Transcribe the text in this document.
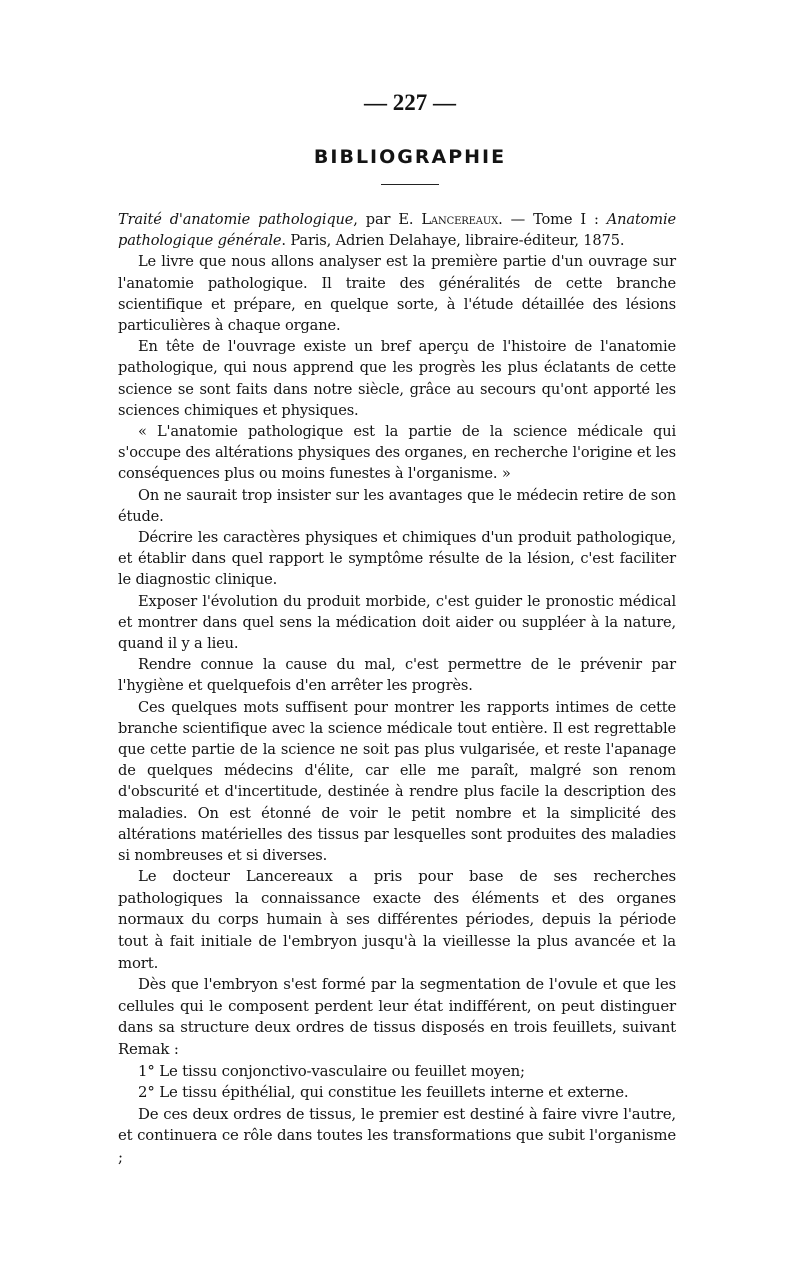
— 227 —
BIBLIOGRAPHIE

Traité d'anatomie pathologique, par E. Lancereaux. — Tome I : Anatomie pathologique générale. Paris, Adrien Delahaye, libraire-éditeur, 1875.

Le livre que nous allons analyser est la première partie d'un ouvrage sur l'anatomie pathologique. Il traite des généralités de cette branche scientifique et prépare, en quelque sorte, à l'étude détaillée des lésions particulières à chaque organe.

En tête de l'ouvrage existe un bref aperçu de l'histoire de l'anatomie pathologique, qui nous apprend que les progrès les plus éclatants de cette science se sont faits dans notre siècle, grâce au secours qu'ont apporté les sciences chimiques et physiques.

« L'anatomie pathologique est la partie de la science médicale qui s'occupe des altérations physiques des organes, en recherche l'origine et les conséquences plus ou moins funestes à l'organisme. »

On ne saurait trop insister sur les avantages que le médecin retire de son étude.

Décrire les caractères physiques et chimiques d'un produit pathologique, et établir dans quel rapport le symptôme résulte de la lésion, c'est faciliter le diagnostic clinique.

Exposer l'évolution du produit morbide, c'est guider le pronostic médical et montrer dans quel sens la médication doit aider ou suppléer à la nature, quand il y a lieu.

Rendre connue la cause du mal, c'est permettre de le prévenir par l'hygiène et quelquefois d'en arrêter les progrès.

Ces quelques mots suffisent pour montrer les rapports intimes de cette branche scientifique avec la science médicale tout entière. Il est regrettable que cette partie de la science ne soit pas plus vulgarisée, et reste l'apanage de quelques médecins d'élite, car elle me paraît, malgré son renom d'obscurité et d'incertitude, destinée à rendre plus facile la description des maladies. On est étonné de voir le petit nombre et la simplicité des altérations matérielles des tissus par lesquelles sont produites des maladies si nombreuses et si diverses.

Le docteur Lancereaux a pris pour base de ses recherches pathologiques la connaissance exacte des éléments et des organes normaux du corps humain à ses différentes périodes, depuis la période tout à fait initiale de l'embryon jusqu'à la vieillesse la plus avancée et la mort.

Dès que l'embryon s'est formé par la segmentation de l'ovule et que les cellules qui le composent perdent leur état indifférent, on peut distinguer dans sa structure deux ordres de tissus disposés en trois feuillets, suivant Remak :

1° Le tissu conjonctivo-vasculaire ou feuillet moyen;

2° Le tissu épithélial, qui constitue les feuillets interne et externe.

De ces deux ordres de tissus, le premier est destiné à faire vivre l'autre, et continuera ce rôle dans toutes les transformations que subit l'organisme ;
